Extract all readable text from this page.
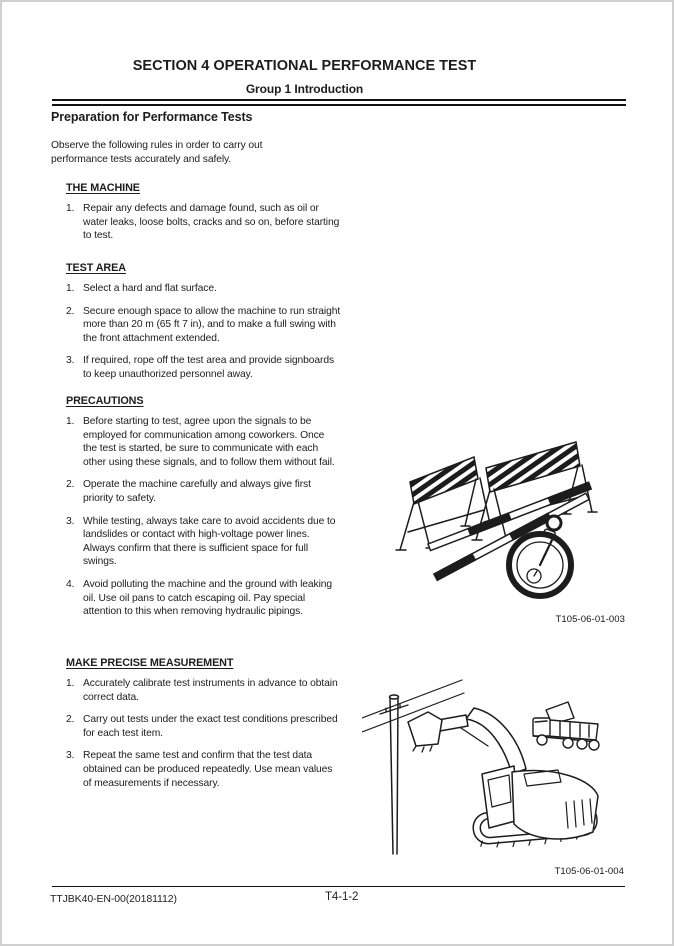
SECTION 4 OPERATIONAL PERFORMANCE TEST
Group 1 Introduction
Preparation for Performance Tests

Observe the following rules in order to carry out performance tests accurately and safely.

THE MACHINE
1. Repair any defects and damage found, such as oil or water leaks, loose bolts, cracks and so on, before starting to test.
TEST AREA
1. Select a hard and flat surface.
2. Secure enough space to allow the machine to run straight more than 20 m (65 ft 7 in), and to make a full swing with the front attachment extended.
3. If required, rope off the test area and provide signboards to keep unauthorized personnel away.
PRECAUTIONS
1. Before starting to test, agree upon the signals to be employed for communication among coworkers. Once the test is started, be sure to communicate with each other using these signals, and to follow them without fail.
2. Operate the machine carefully and always give first priority to safety.
3. While testing, always take care to avoid accidents due to landslides or contact with high-voltage power lines. Always confirm that there is sufficient space for full swings.
4. Avoid polluting the machine and the ground with leaking oil. Use oil pans to catch escaping oil. Pay special attention to this when removing hydraulic pipings.
MAKE PRECISE MEASUREMENT
1. Accurately calibrate test instruments in advance to obtain correct data.
2. Carry out tests under the exact test conditions prescribed for each test item.
3. Repeat the same test and confirm that the test data obtained can be produced repeatedly. Use mean values of measurements if necessary.
T105-06-01-003
T105-06-01-004
TTJBK40-EN-00(20181112)	T4-1-2
